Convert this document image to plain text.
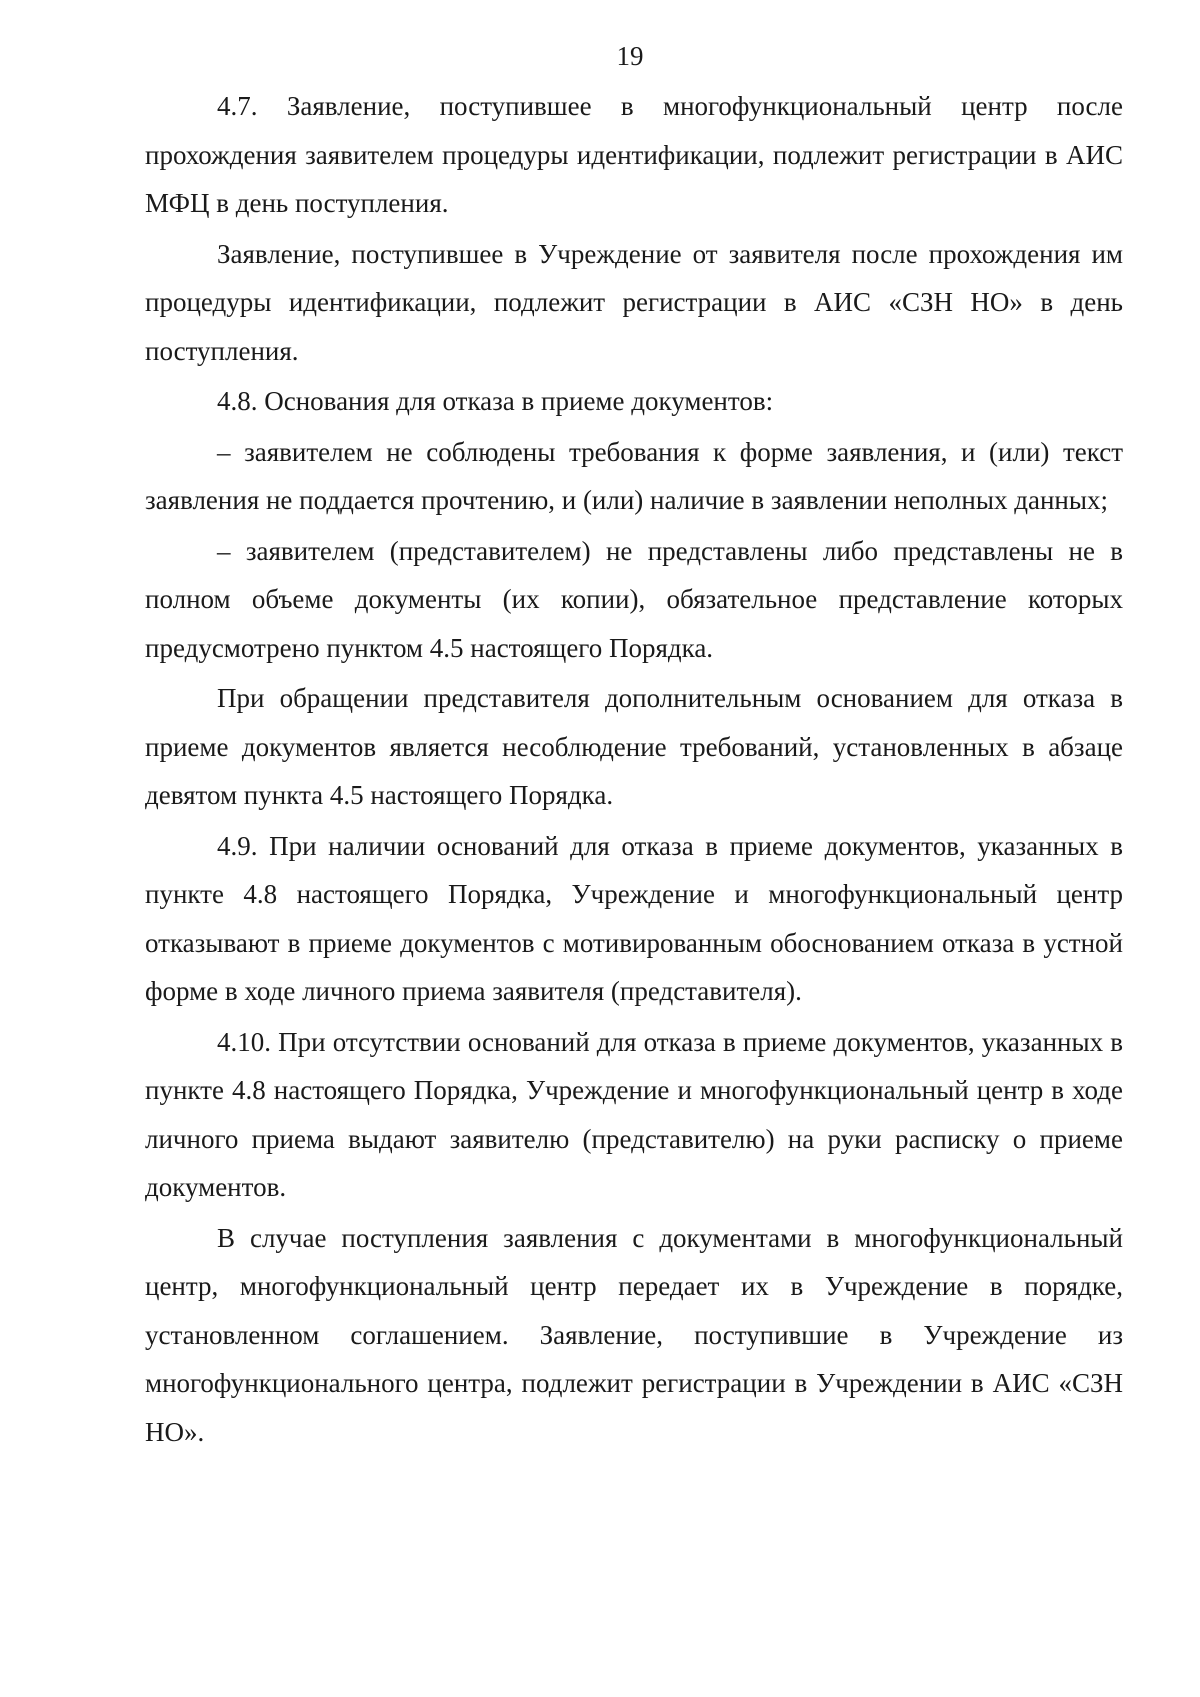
19

4.7. Заявление, поступившее в многофункциональный центр после прохождения заявителем процедуры идентификации, подлежит регистрации в АИС МФЦ в день поступления.

Заявление, поступившее в Учреждение от заявителя после прохождения им процедуры идентификации, подлежит регистрации в АИС «СЗН НО» в день поступления.

4.8. Основания для отказа в приеме документов:

– заявителем не соблюдены требования к форме заявления, и (или) текст заявления не поддается прочтению, и (или) наличие в заявлении неполных данных;

– заявителем (представителем) не представлены либо представлены не в полном объеме документы (их копии), обязательное представление которых предусмотрено пунктом 4.5 настоящего Порядка.

При обращении представителя дополнительным основанием для отказа в приеме документов является несоблюдение требований, установленных в абзаце девятом пункта 4.5 настоящего Порядка.

4.9. При наличии оснований для отказа в приеме документов, указанных в пункте 4.8 настоящего Порядка, Учреждение и многофункциональный центр отказывают в приеме документов с мотивированным обоснованием отказа в устной форме в ходе личного приема заявителя (представителя).

4.10. При отсутствии оснований для отказа в приеме документов, указанных в пункте 4.8 настоящего Порядка, Учреждение и многофункциональный центр в ходе личного приема выдают заявителю (представителю) на руки расписку о приеме документов.

В случае поступления заявления с документами в многофункциональный центр, многофункциональный центр передает их в Учреждение в порядке, установленном соглашением. Заявление, поступившие в Учреждение из многофункционального центра, подлежит регистрации в Учреждении в АИС «СЗН НО».
